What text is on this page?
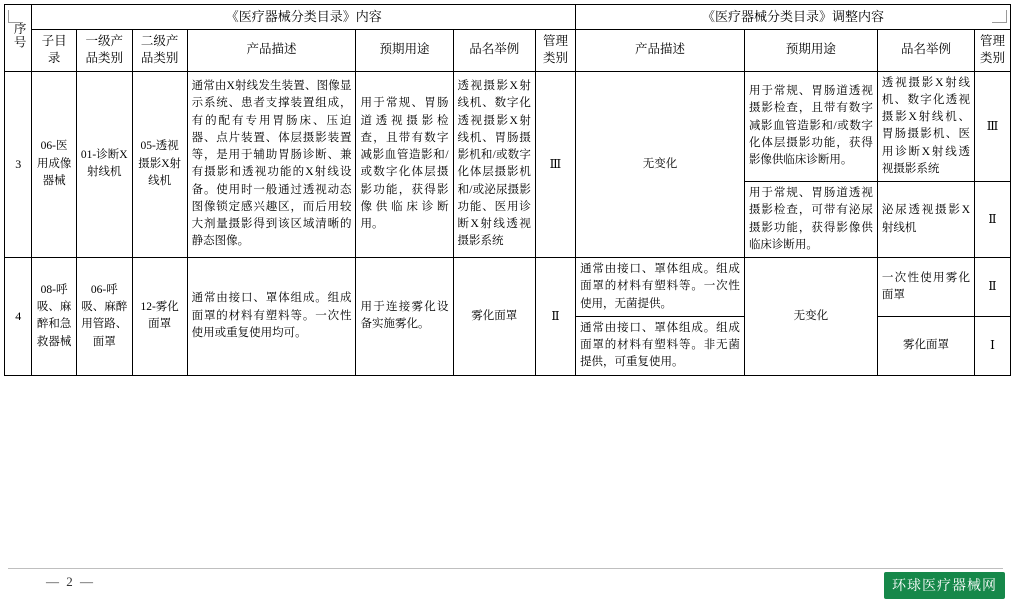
序号	《医疗器械分类目录》内容							《医疗器械分类目录》调整内容			
	子目录	一级产品类别	二级产品类别	产品描述	预期用途	品名举例	管理类别	产品描述	预期用途	品名举例	管理类别
3	06-医用成像器械	01-诊断X射线机	05-透视摄影X射线机	通常由X射线发生装置、图像显示系统、患者支撑装置组成，有的配有专用胃肠床、压迫器、点片装置、体层摄影装置等，是用于辅助胃肠诊断、兼有摄影和透视功能的X射线设备。使用时一般通过透视动态图像锁定感兴趣区，而后用较大剂量摄影得到该区域清晰的静态图像。	用于常规、胃肠道透视摄影检查，且带有数字减影血管造影和/或数字化体层摄影功能，获得影像供临床诊断用。	透视摄影X射线机、数字化透视摄影X射线机、胃肠摄影机和/或数字化体层摄影机和/或泌尿摄影功能、医用诊断X射线透视摄影系统	Ⅲ	无变化	用于常规、胃肠道透视摄影检查，且带有数字减影血管造影和/或数字化体层摄影功能，获得影像供临床诊断用。	透视摄影X射线机、数字化透视摄影X射线机、胃肠摄影机、医用诊断X射线透视摄影系统	Ⅲ

									用于常规、胃肠道透视摄影检查，可带有泌尿摄影功能，获得影像供临床诊断用。	泌尿透视摄影X射线机	Ⅱ
4	08-呼吸、麻醉和急救器械	06-呼吸、麻醉用管路、面罩	12-雾化面罩	通常由接口、罩体组成。组成面罩的材料有塑料等。一次性使用或重复使用均可。	用于连接雾化设备实施雾化。	雾化面罩	Ⅱ	通常由接口、罩体组成。组成面罩的材料有塑料等。一次性使用，无菌提供。	无变化	一次性使用雾化面罩	Ⅱ

								通常由接口、罩体组成。组成面罩的材料有塑料等。非无菌提供，可重复使用。		雾化面罩	Ⅰ
— 2 —	环球医疗器械网
